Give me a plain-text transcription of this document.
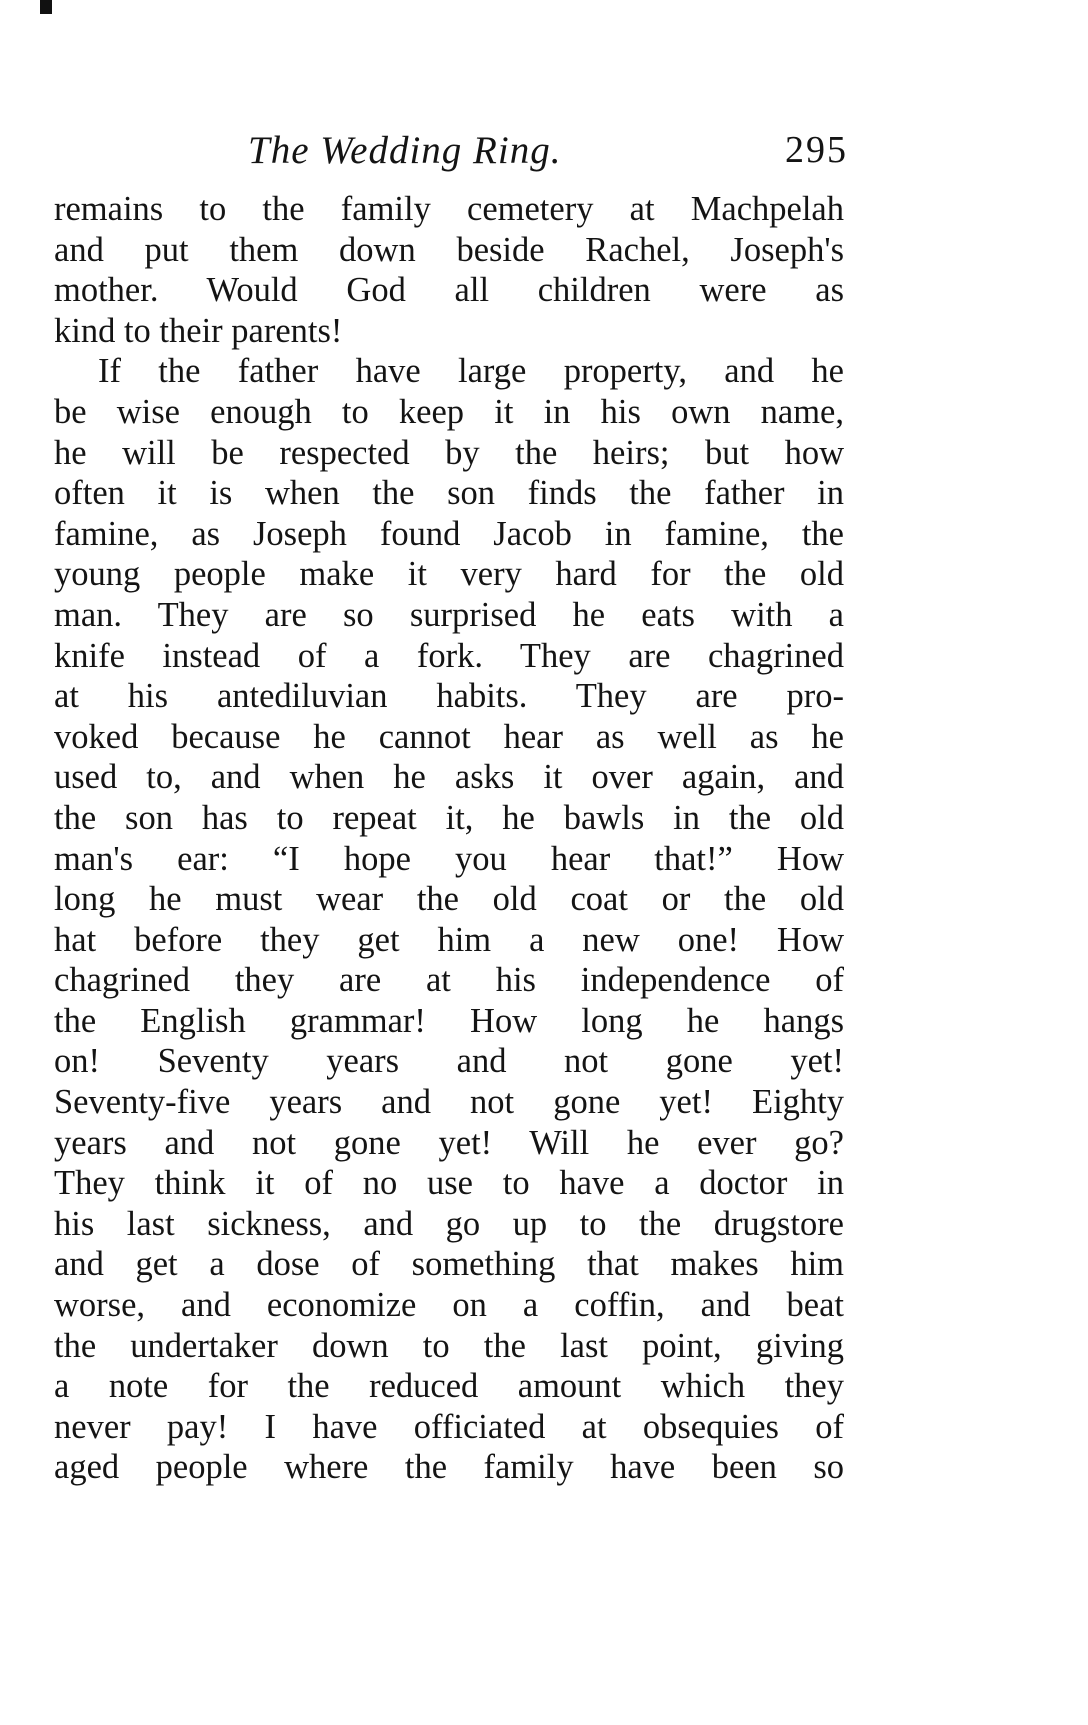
The Wedding Ring.	295
remains to the family cemetery at Machpelah
and put them down beside Rachel, Joseph's
mother. Would God all children were as
kind to their parents!
If the father have large property, and he
be wise enough to keep it in his own name,
he will be respected by the heirs; but how
often it is when the son finds the father in
famine, as Joseph found Jacob in famine, the
young people make it very hard for the old
man. They are so surprised he eats with a
knife instead of a fork. They are chagrined
at his antediluvian habits. They are pro-
voked because he cannot hear as well as he
used to, and when he asks it over again, and
the son has to repeat it, he bawls in the old
man's ear: “I hope you hear that!” How
long he must wear the old coat or the old
hat before they get him a new one! How
chagrined they are at his independence of
the English grammar! How long he hangs
on! Seventy years and not gone yet!
Seventy-five years and not gone yet! Eighty
years and not gone yet! Will he ever go?
They think it of no use to have a doctor in
his last sickness, and go up to the drugstore
and get a dose of something that makes him
worse, and economize on a coffin, and beat
the undertaker down to the last point, giving
a note for the reduced amount which they
never pay! I have officiated at obsequies of
aged people where the family have been so
